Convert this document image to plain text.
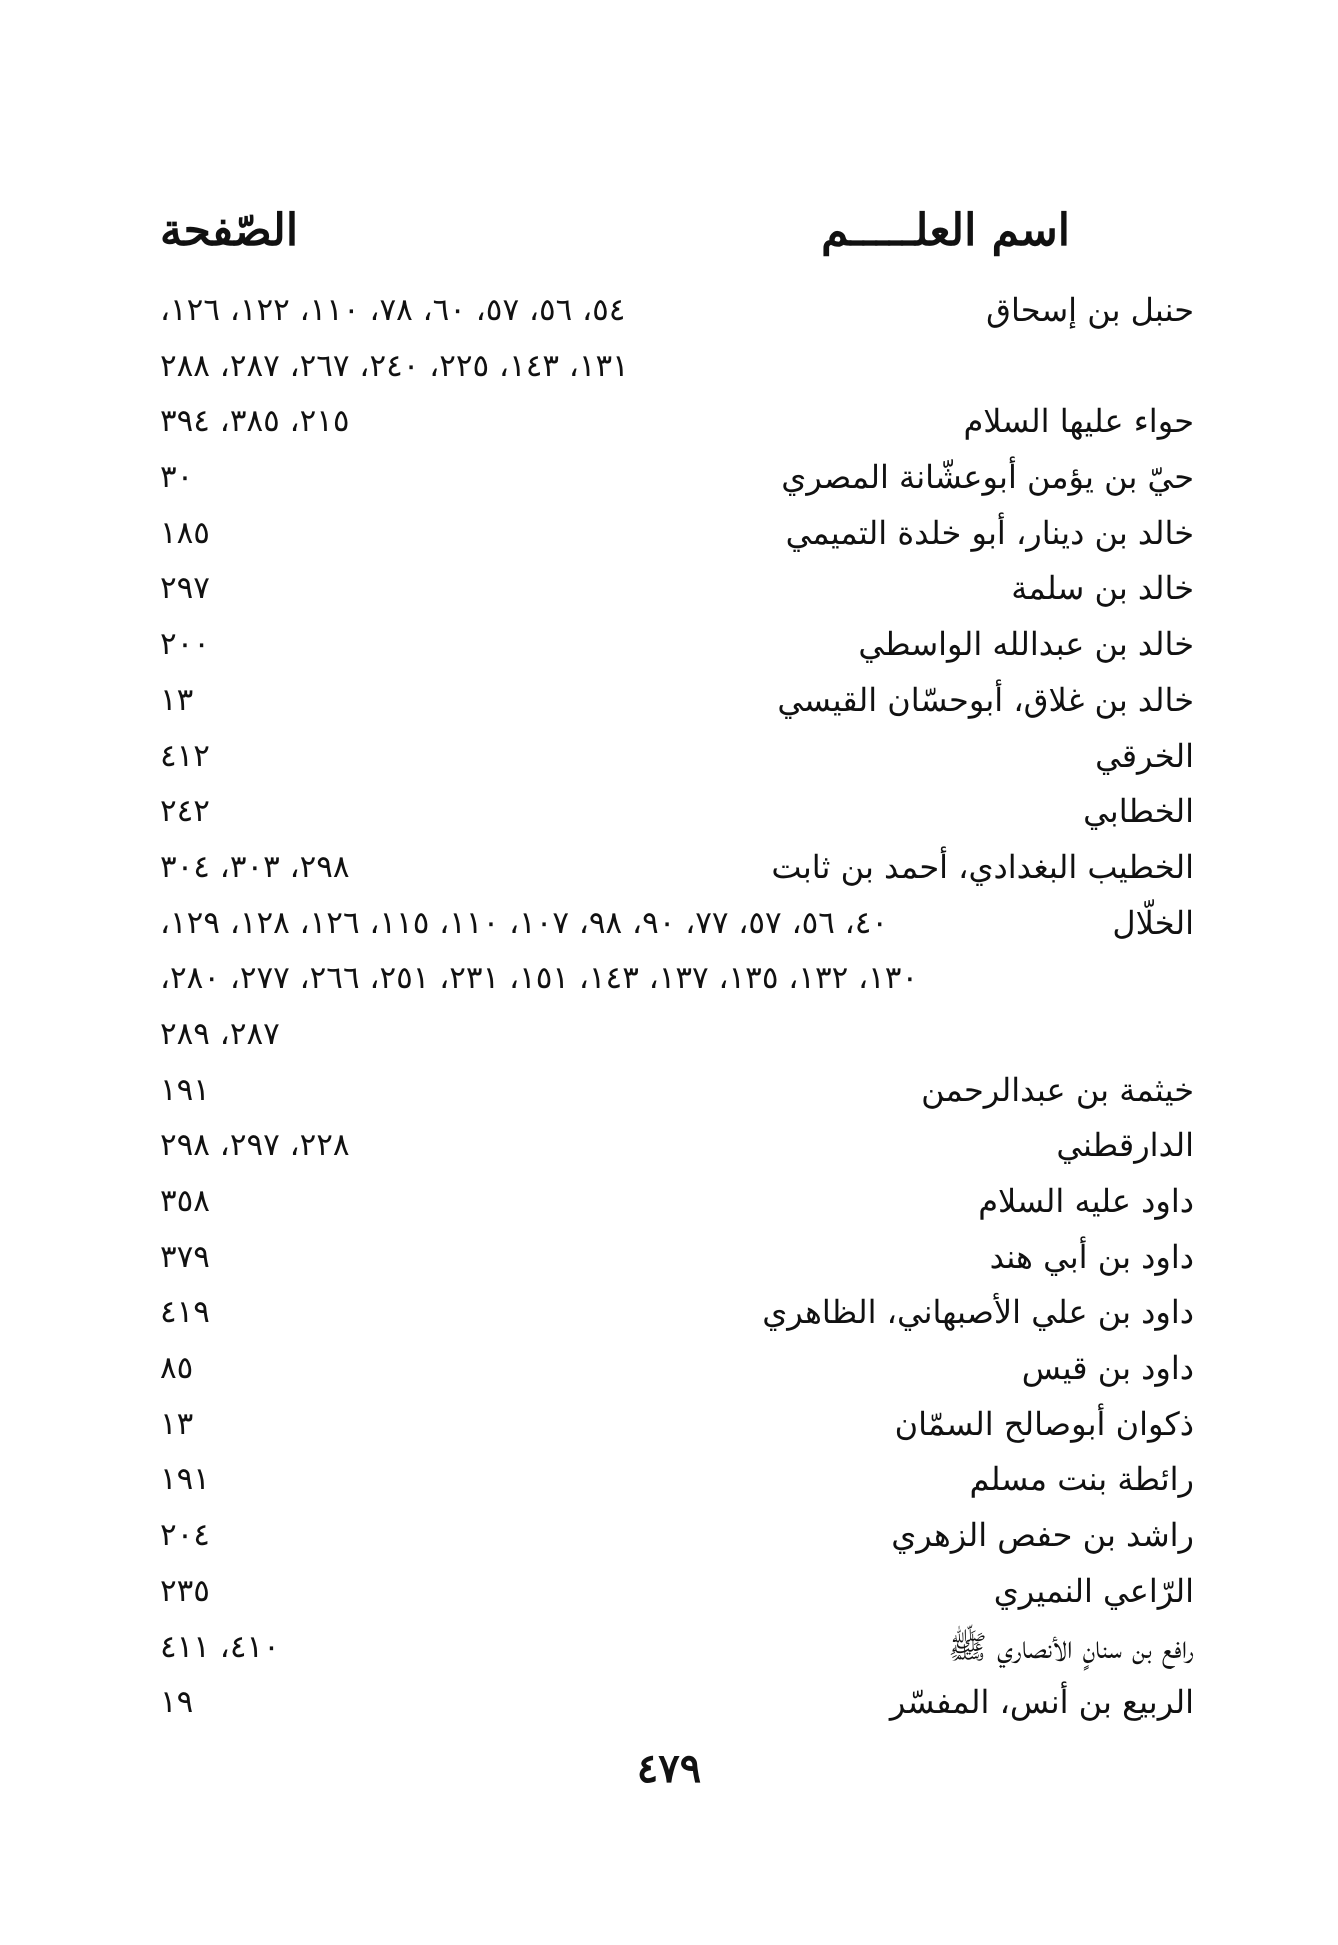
اسم العلـــــم
الصّفحة
حنبل بن إسحاق
٥٤، ٥٦، ٥٧، ٦٠، ٧٨، ١١٠، ١٢٢، ١٢٦،
١٣١، ١٤٣، ٢٢٥، ٢٤٠، ٢٦٧، ٢٨٧، ٢٨٨
حواء عليها السلام
٢١٥، ٣٨٥، ٣٩٤
حيّ بن يؤمن أبوعشّانة المصري
٣٠
خالد بن دينار، أبو خلدة التميمي
١٨٥
خالد بن سلمة
٢٩٧
خالد بن عبدالله الواسطي
٢٠٠
خالد بن غلاق، أبوحسّان القيسي
١٣
الخرقي
٤١٢
الخطابي
٢٤٢
الخطيب البغدادي، أحمد بن ثابت
٢٩٨، ٣٠٣، ٣٠٤
الخلّال
٤٠، ٥٦، ٥٧، ٧٧، ٩٠، ٩٨، ١٠٧، ١١٠، ١١٥، ١٢٦، ١٢٨، ١٢٩،
١٣٠، ١٣٢، ١٣٥، ١٣٧، ١٤٣، ١٥١، ٢٣١، ٢٥١، ٢٦٦، ٢٧٧، ٢٨٠،
٢٨٧، ٢٨٩
خيثمة بن عبدالرحمن
١٩١
الدارقطني
٢٢٨، ٢٩٧، ٢٩٨
داود عليه السلام
٣٥٨
داود بن أبي هند
٣٧٩
داود بن علي الأصبهاني، الظاهري
٤١٩
داود بن قيس
٨٥
ذكوان أبوصالح السمّان
١٣
رائطة بنت مسلم
١٩١
راشد بن حفص الزهري
٢٠٤
الرّاعي النميري
٢٣٥
رافع بن سنانٍ الأنصاري ﷺ
٤١٠، ٤١١
الربيع بن أنس، المفسّر
١٩
٤٧٩
